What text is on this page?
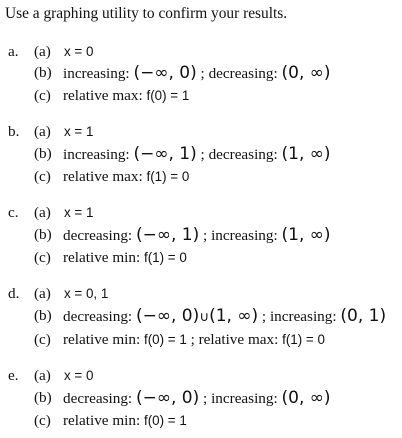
Use a graphing utility to confirm your results.
a. (a) x = 0
(b) increasing: (−∞, 0) ; decreasing: (0, ∞)
(c) relative max: f(0) = 1
b. (a) x = 1
(b) increasing: (−∞, 1) ; decreasing: (1, ∞)
(c) relative max: f(1) = 0
c. (a) x = 1
(b) decreasing: (−∞, 1) ; increasing: (1, ∞)
(c) relative min: f(1) = 0
d. (a) x = 0, 1
(b) decreasing: (−∞, 0)∪(1, ∞) ; increasing: (0, 1)
(c) relative min: f(0) = 1 ; relative max: f(1) = 0
e. (a) x = 0
(b) decreasing: (−∞, 0) ; increasing: (0, ∞)
(c) relative min: f(0) = 1
